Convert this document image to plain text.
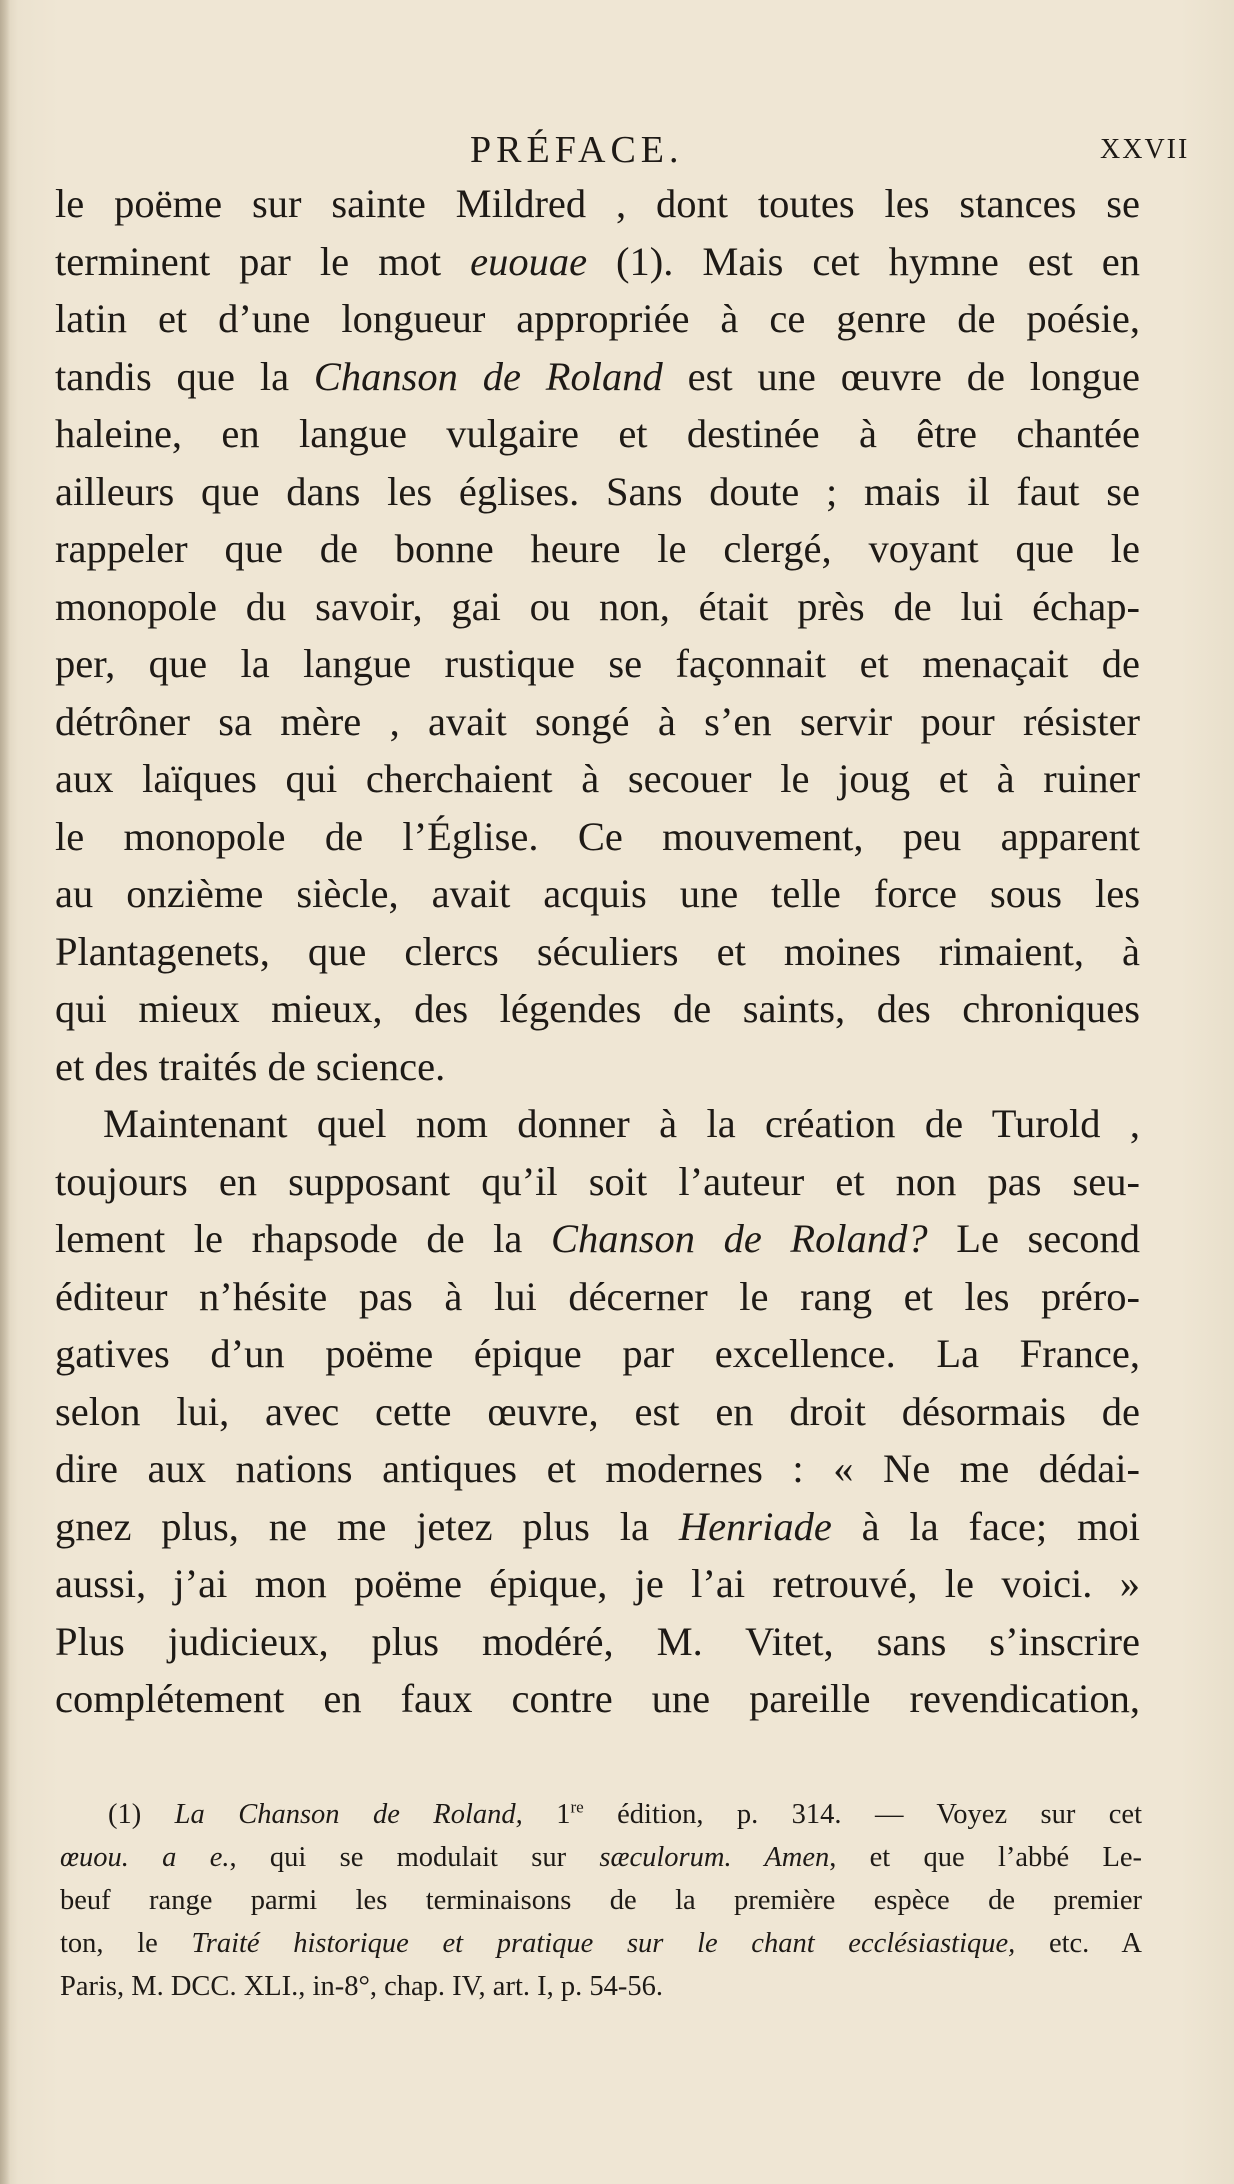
PRÉFACE.	XXVII
le poëme sur sainte Mildred , dont toutes les stances se
terminent par le mot euouae (1). Mais cet hymne est en
latin et d’une longueur appropriée à ce genre de poésie,
tandis que la Chanson de Roland est une œuvre de longue
haleine, en langue vulgaire et destinée à être chantée
ailleurs que dans les églises. Sans doute ; mais il faut se
rappeler que de bonne heure le clergé, voyant que le
monopole du savoir, gai ou non, était près de lui échap-
per, que la langue rustique se façonnait et menaçait de
détrôner sa mère , avait songé à s’en servir pour résister
aux laïques qui cherchaient à secouer le joug et à ruiner
le monopole de l’Église. Ce mouvement, peu apparent
au onzième siècle, avait acquis une telle force sous les
Plantagenets, que clercs séculiers et moines rimaient, à
qui mieux mieux, des légendes de saints, des chroniques
et des traités de science.
Maintenant quel nom donner à la création de Turold ,
toujours en supposant qu’il soit l’auteur et non pas seu-
lement le rhapsode de la Chanson de Roland? Le second
éditeur n’hésite pas à lui décerner le rang et les préro-
gatives d’un poëme épique par excellence. La France,
selon lui, avec cette œuvre, est en droit désormais de
dire aux nations antiques et modernes : « Ne me dédai-
gnez plus, ne me jetez plus la Henriade à la face; moi
aussi, j’ai mon poëme épique, je l’ai retrouvé, le voici. »
Plus judicieux, plus modéré, M. Vitet, sans s’inscrire
complétement en faux contre une pareille revendication,
(1) La Chanson de Roland, 1re édition, p. 314. — Voyez sur cet
œuou. a e., qui se modulait sur sæculorum. Amen, et que l’abbé Le-
beuf range parmi les terminaisons de la première espèce de premier
ton, le Traité historique et pratique sur le chant ecclésiastique, etc. A
Paris, M. DCC. XLI., in-8°, chap. IV, art. I, p. 54-56.
